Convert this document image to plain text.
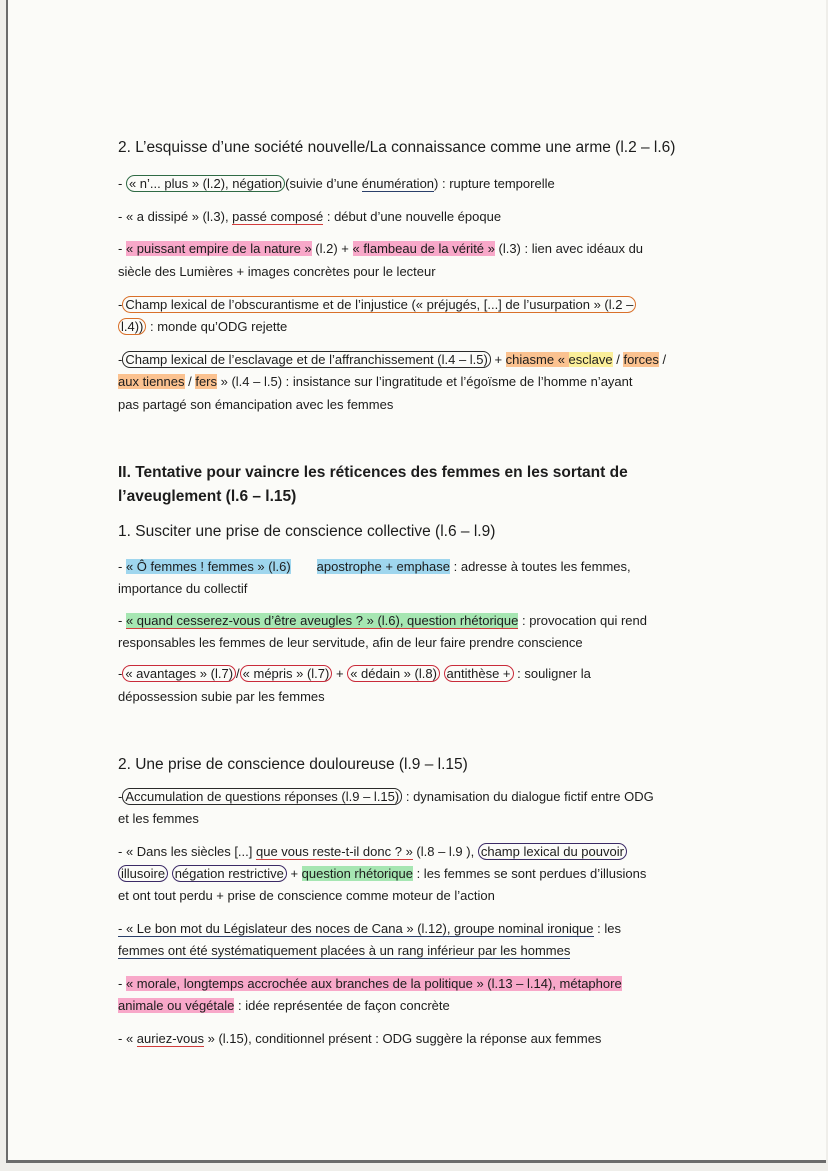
2. L’esquisse d’une société nouvelle/La connaissance comme une arme (l.2 – l.6)
- « n’... plus » (l.2), négation (suivie d’une énumération) : rupture temporelle
- « a dissipé » (l.3), passé composé : début d’une nouvelle époque
- « puissant empire de la nature » (l.2) + « flambeau de la vérité » (l.3) : lien avec idéaux du
siècle des Lumières + images concrètes pour le lecteur
- Champ lexical de l’obscurantisme et de l’injustice (« préjugés, [...] de l’usurpation » (l.2 –
l.4)) : monde qu’ODG rejette
- Champ lexical de l’esclavage et de l’affranchissement (l.4 – l.5) + chiasme « esclave / forces /
aux tiennes / fers » (l.4 – l.5) : insistance sur l’ingratitude et l’égoïsme de l’homme n’ayant
pas partagé son émancipation avec les femmes
II. Tentative pour vaincre les réticences des femmes en les sortant de
l’aveuglement (l.6 – l.15)
1. Susciter une prise de conscience collective (l.6 – l.9)
- « Ô femmes ! femmes » (l.6) apostrophe + emphase : adresse à toutes les femmes,
importance du collectif
- « quand cesserez-vous d’être aveugles ? » (l.6), question rhétorique : provocation qui rend
responsables les femmes de leur servitude, afin de leur faire prendre conscience
- « avantages » (l.7) / « mépris » (l.7) + « dédain » (l.8) antithèse + : souligner la
dépossession subie par les femmes
2. Une prise de conscience douloureuse (l.9 – l.15)
- Accumulation de questions réponses (l.9 – l.15) : dynamisation du dialogue fictif entre ODG
et les femmes
- « Dans les siècles [...] que vous reste-t-il donc ? » (l.8 – l.9 ), champ lexical du pouvoir
illusoire négation restrictive + question rhétorique : les femmes se sont perdues d’illusions
et ont tout perdu + prise de conscience comme moteur de l’action
- « Le bon mot du Législateur des noces de Cana » (l.12), groupe nominal ironique : les
femmes ont été systématiquement placées à un rang inférieur par les hommes
- « morale, longtemps accrochée aux branches de la politique » (l.13 – l.14), métaphore
animale ou végétale : idée représentée de façon concrète
- « auriez-vous » (l.15), conditionnel présent : ODG suggère la réponse aux femmes
